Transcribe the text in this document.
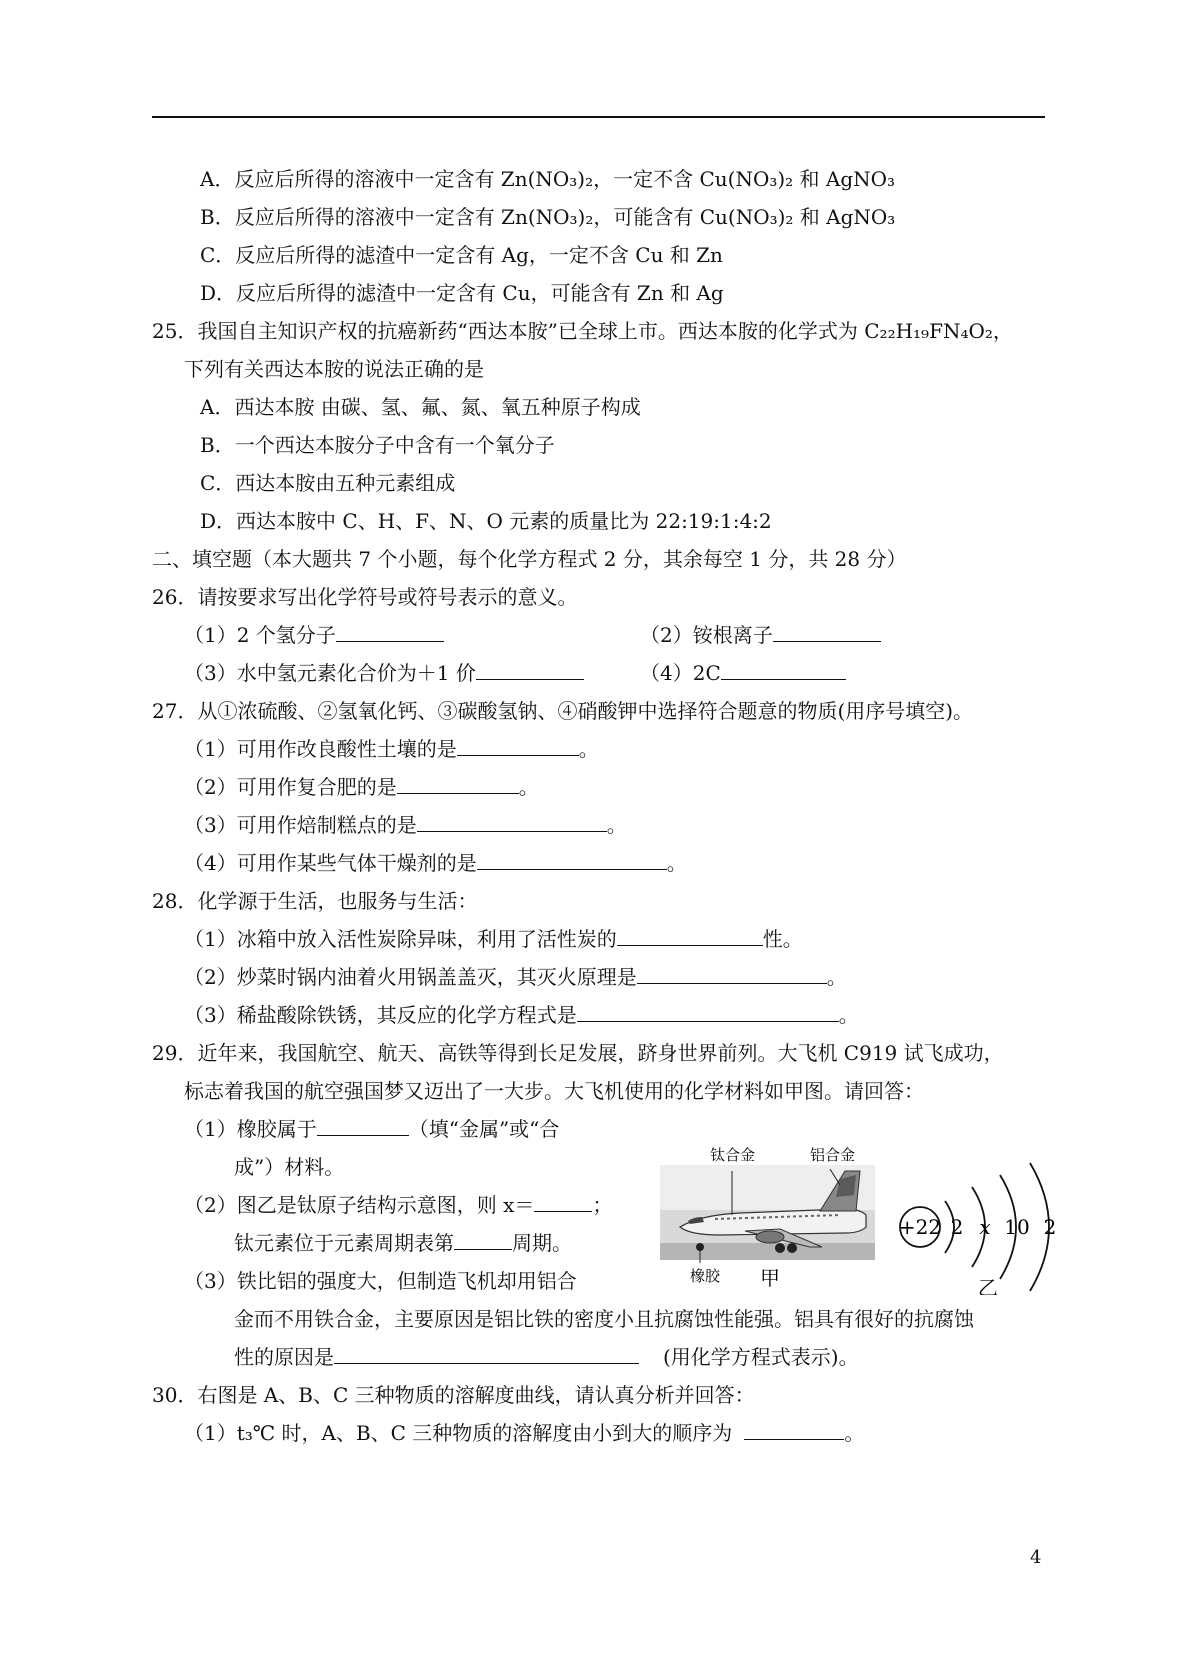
A．反应后所得的溶液中一定含有 Zn(NO₃)₂，一定不含 Cu(NO₃)₂ 和 AgNO₃
B．反应后所得的溶液中一定含有 Zn(NO₃)₂，可能含有 Cu(NO₃)₂ 和 AgNO₃
C．反应后所得的滤渣中一定含有 Ag，一定不含 Cu 和 Zn
D．反应后所得的滤渣中一定含有 Cu，可能含有 Zn 和 Ag
25．我国自主知识产权的抗癌新药“西达本胺”已全球上市。西达本胺的化学式为 C₂₂H₁₉FN₄O₂，
下列有关西达本胺的说法正确的是
A．西达本胺 由碳、氢、氟、氮、氧五种原子构成
B．一个西达本胺分子中含有一个氧分子
C．西达本胺由五种元素组成
D．西达本胺中 C、H、F、N、O 元素的质量比为 22:19:1:4:2
二、填空题（本大题共 7 个小题，每个化学方程式 2 分，其余每空 1 分，共 28 分）
26．请按要求写出化学符号或符号表示的意义。
（1）2 个氢分子	（2）铵根离子
（3）水中氢元素化合价为＋1 价	（4）2C
27．从①浓硫酸、②氢氧化钙、③碳酸氢钠、④硝酸钾中选择符合题意的物质(用序号填空)。
（1）可用作改良酸性土壤的是	。
（2）可用作复合肥的是	。
（3）可用作焙制糕点的是	。
（4）可用作某些气体干燥剂的是	。
28．化学源于生活，也服务与生活：
（1）冰箱中放入活性炭除异味，利用了活性炭的	性。
（2）炒菜时锅内油着火用锅盖盖灭，其灭火原理是	。
（3）稀盐酸除铁锈，其反应的化学方程式是	。
29．近年来，我国航空、航天、高铁等得到长足发展，跻身世界前列。大飞机 C919 试飞成功，
标志着我国的航空强国梦又迈出了一大步。大飞机使用的化学材料如甲图。请回答：
（1）橡胶属于	（填“金属”或“合
成”）材料。
（2）图乙是钛原子结构示意图，则 x＝	；
钛元素位于元素周期表第	周期。
（3）铁比铝的强度大，但制造飞机却用铝合
金而不用铁合金，主要原因是铝比铁的密度小且抗腐蚀性能强。铝具有很好的抗腐蚀
性的原因是	(用化学方程式表示)。
钛合金	铝合金
橡胶 甲
+22 2 x 10 2
乙
30．右图是 A、B、C 三种物质的溶解度曲线，请认真分析并回答：
（1）t₃℃ 时，A、B、C 三种物质的溶解度由小到大的顺序为	。
4
